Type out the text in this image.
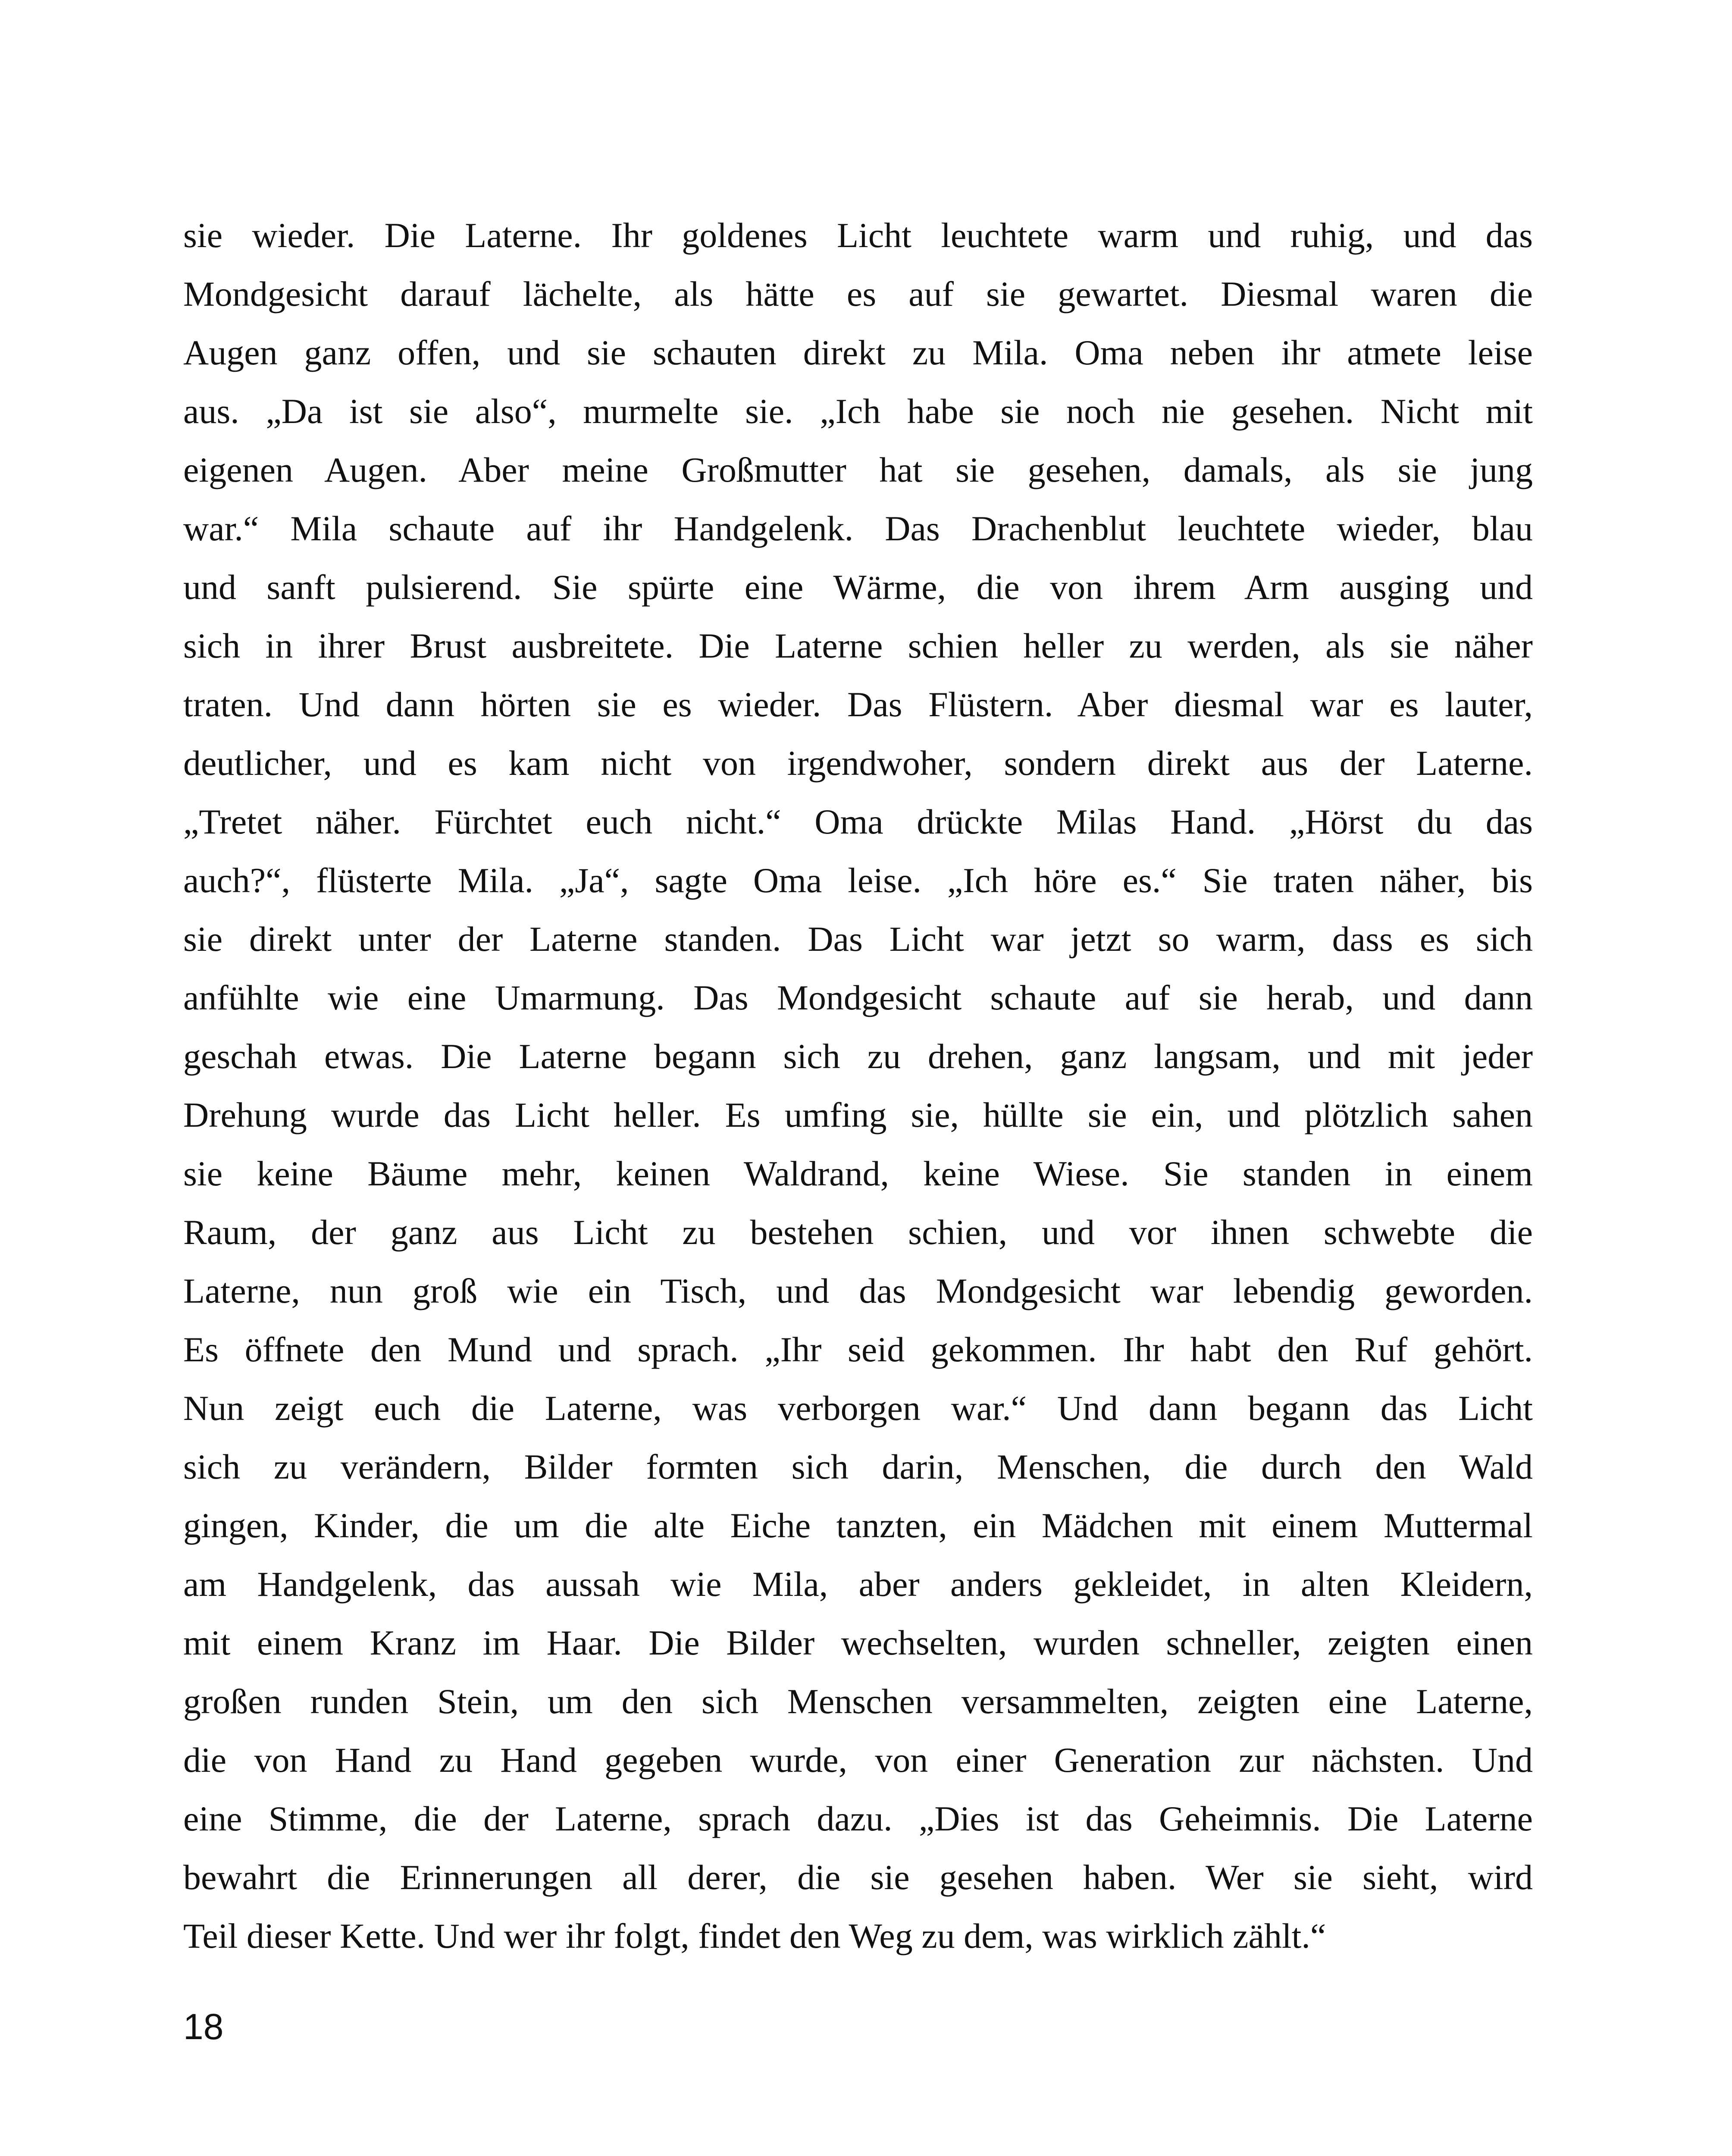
sie wieder. Die Laterne. Ihr goldenes Licht leuchtete warm und ruhig, und das
Mondgesicht darauf lächelte, als hätte es auf sie gewartet. Diesmal waren die
Augen ganz offen, und sie schauten direkt zu Mila. Oma neben ihr atmete leise
aus. „Da ist sie also“, murmelte sie. „Ich habe sie noch nie gesehen. Nicht mit
eigenen Augen. Aber meine Großmutter hat sie gesehen, damals, als sie jung
war.“ Mila schaute auf ihr Handgelenk. Das Drachenblut leuchtete wieder, blau
und sanft pulsierend. Sie spürte eine Wärme, die von ihrem Arm ausging und
sich in ihrer Brust ausbreitete. Die Laterne schien heller zu werden, als sie näher
traten. Und dann hörten sie es wieder. Das Flüstern. Aber diesmal war es lauter,
deutlicher, und es kam nicht von irgendwoher, sondern direkt aus der Laterne.
„Tretet näher. Fürchtet euch nicht.“ Oma drückte Milas Hand. „Hörst du das
auch?“, flüsterte Mila. „Ja“, sagte Oma leise. „Ich höre es.“ Sie traten näher, bis
sie direkt unter der Laterne standen. Das Licht war jetzt so warm, dass es sich
anfühlte wie eine Umarmung. Das Mondgesicht schaute auf sie herab, und dann
geschah etwas. Die Laterne begann sich zu drehen, ganz langsam, und mit jeder
Drehung wurde das Licht heller. Es umfing sie, hüllte sie ein, und plötzlich sahen
sie keine Bäume mehr, keinen Waldrand, keine Wiese. Sie standen in einem
Raum, der ganz aus Licht zu bestehen schien, und vor ihnen schwebte die
Laterne, nun groß wie ein Tisch, und das Mondgesicht war lebendig geworden.
Es öffnete den Mund und sprach. „Ihr seid gekommen. Ihr habt den Ruf gehört.
Nun zeigt euch die Laterne, was verborgen war.“ Und dann begann das Licht
sich zu verändern, Bilder formten sich darin, Menschen, die durch den Wald
gingen, Kinder, die um die alte Eiche tanzten, ein Mädchen mit einem Muttermal
am Handgelenk, das aussah wie Mila, aber anders gekleidet, in alten Kleidern,
mit einem Kranz im Haar. Die Bilder wechselten, wurden schneller, zeigten einen
großen runden Stein, um den sich Menschen versammelten, zeigten eine Laterne,
die von Hand zu Hand gegeben wurde, von einer Generation zur nächsten. Und
eine Stimme, die der Laterne, sprach dazu. „Dies ist das Geheimnis. Die Laterne
bewahrt die Erinnerungen all derer, die sie gesehen haben. Wer sie sieht, wird
Teil dieser Kette. Und wer ihr folgt, findet den Weg zu dem, was wirklich zählt.“
18
